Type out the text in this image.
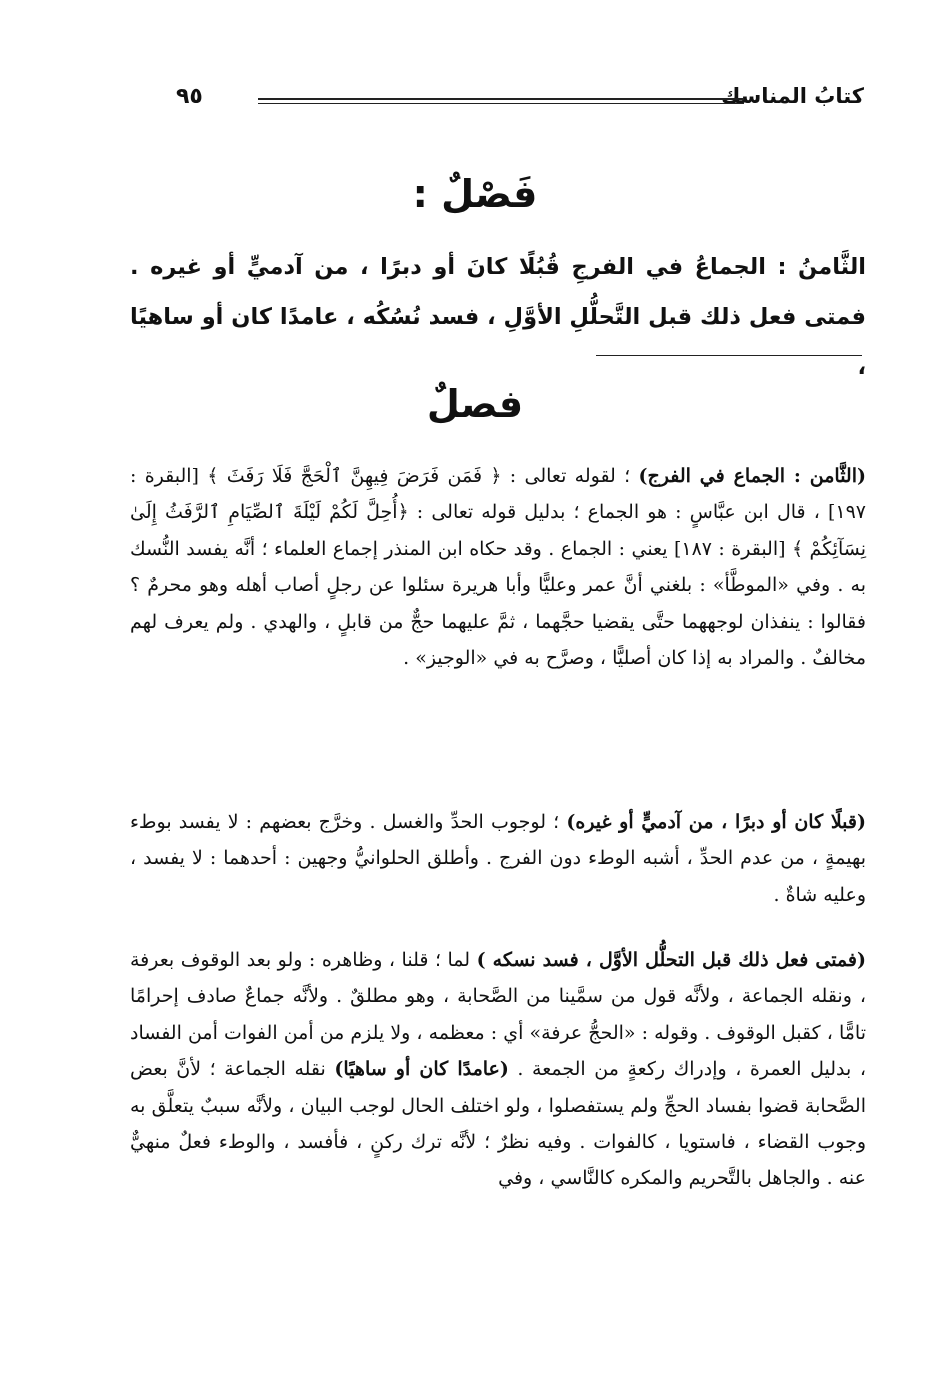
كتابُ المناسك
٩٥
فَصْلٌ :
الثَّامنُ : الجماعُ في الفرجِ قُبُلًا كانَ أو دبرًا ، من آدميٍّ أو غيره . فمتى فعل ذلك قبل التَّحلُّلِ الأوَّلِ ، فسد نُسُكُه ، عامدًا كان أو ساهيًا ،
فصلٌ

(الثَّامن : الجماع في الفرج) ؛ لقوله تعالى : ﴿ فَمَن فَرَضَ فِيهِنَّ ٱلْحَجَّ فَلَا رَفَثَ ﴾ [البقرة : ١٩٧] ، قال ابن عبَّاسٍ : هو الجماع ؛ بدليل قوله تعالى : ﴿أُحِلَّ لَكُمْ لَيْلَةَ ٱلصِّيَامِ ٱلرَّفَثُ إِلَىٰ نِسَآئِكُمْ ﴾ [البقرة : ١٨٧] يعني : الجماع . وقد حكاه ابن المنذر إجماع العلماء ؛ أنَّه يفسد النُّسك به . وفي «الموطَّأ» : بلغني أنَّ عمر وعليًّا وأبا هريرة سئلوا عن رجلٍ أصاب أهله وهو محرمٌ ؟ فقالوا : ينفذان لوجههما حتَّى يقضيا حجَّهما ، ثمَّ عليهما حجٌّ من قابلٍ ، والهدي . ولم يعرف لهم مخالفٌ . والمراد به إذا كان أصليًّا ، وصرَّح به في «الوجيز» .

(قبلًا كان أو دبرًا ، من آدميٍّ أو غيره) ؛ لوجوب الحدِّ والغسل . وخرَّج بعضهم : لا يفسد بوطء بهيمةٍ ، من عدم الحدِّ ، أشبه الوطء دون الفرج . وأطلق الحلوانيُّ وجهين : أحدهما : لا يفسد ، وعليه شاةٌ .

(فمتى فعل ذلك قبل التحلُّل الأوَّل ، فسد نسكه ) لما ؛ قلنا ، وظاهره : ولو بعد الوقوف بعرفة ، ونقله الجماعة ، ولأنَّه قول من سمَّينا من الصَّحابة ، وهو مطلقٌ . ولأنَّه جماعٌ صادف إحرامًا تامًّا ، كقبل الوقوف . وقوله : «الحجُّ عرفة» أي : معظمه ، ولا يلزم من أمن الفوات أمن الفساد ، بدليل العمرة ، وإدراك ركعةٍ من الجمعة . (عامدًا كان أو ساهيًا) نقله الجماعة ؛ لأنَّ بعض الصَّحابة قضوا بفساد الحجِّ ولم يستفصلوا ، ولو اختلف الحال لوجب البيان ، ولأنَّه سببٌ يتعلَّق به وجوب القضاء ، فاستويا ، كالفوات . وفيه نظرٌ ؛ لأنَّه ترك ركنٍ ، فأفسد ، والوطء فعلٌ منهيٌّ عنه . والجاهل بالتَّحريم والمكره كالنَّاسي ، وفي
